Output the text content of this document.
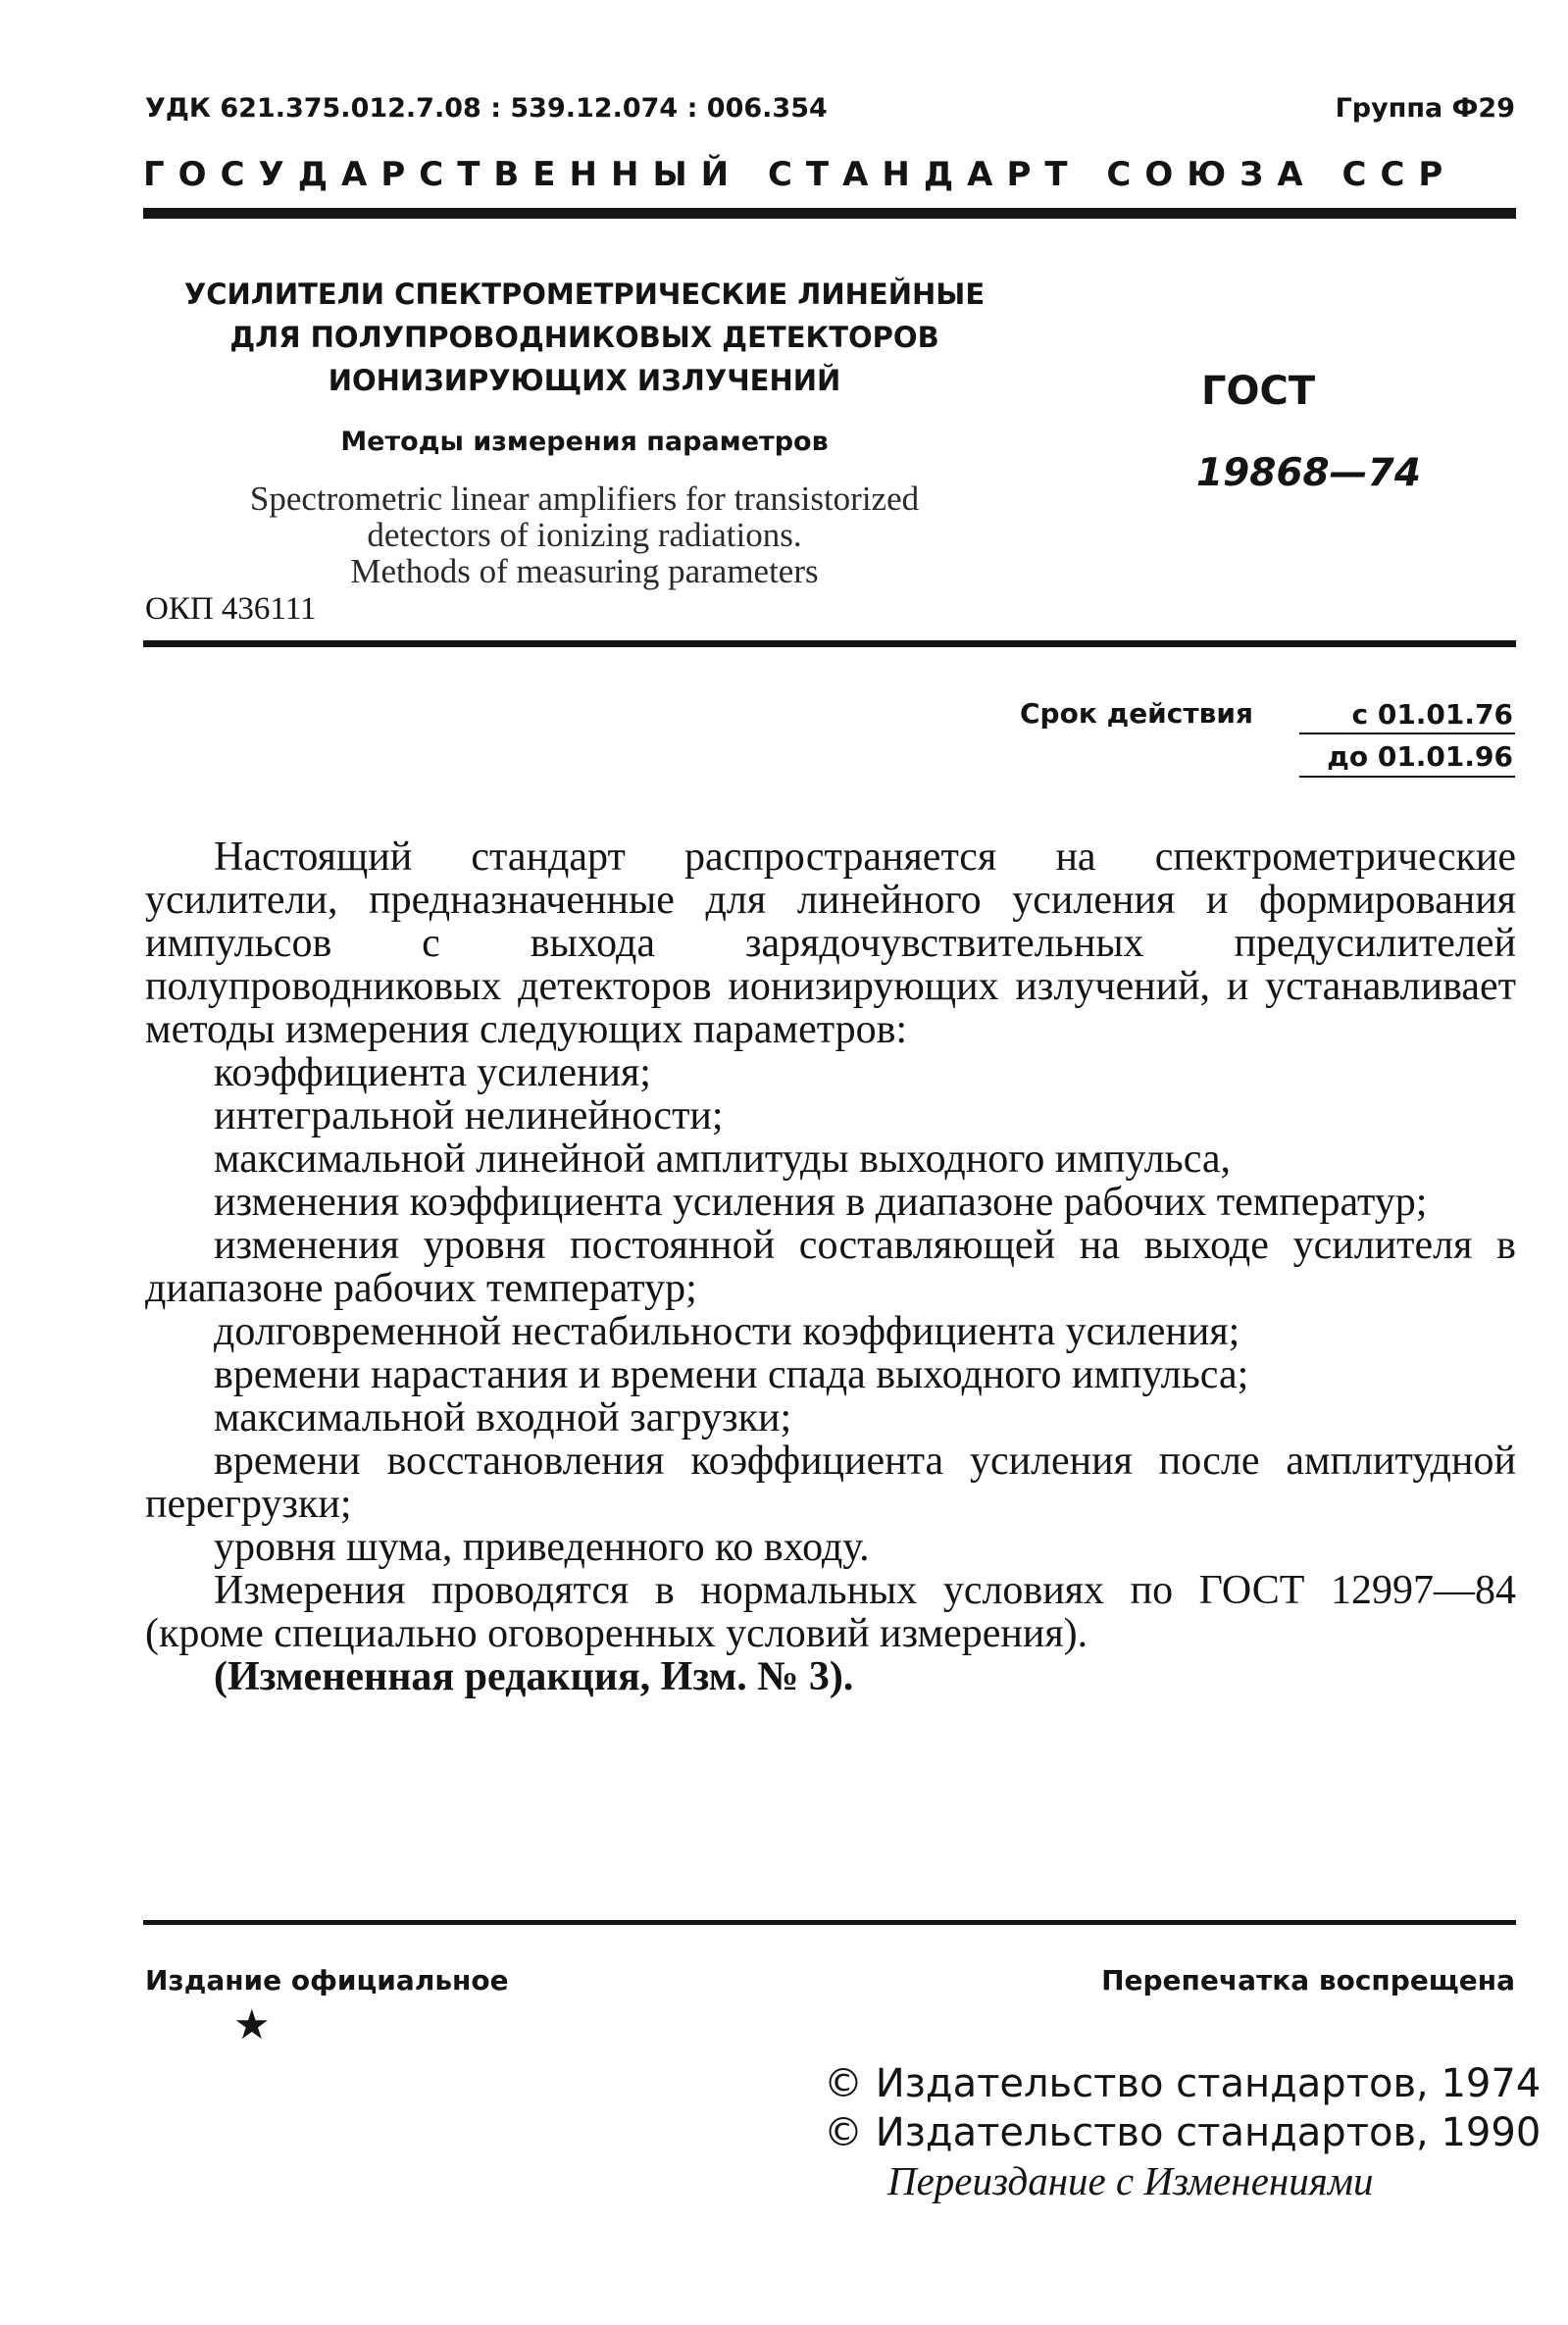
УДК 621.375.012.7.08 : 539.12.074 : 006.354	Группа Ф29
ГОСУДАРСТВЕННЫЙ СТАНДАРТ СОЮЗА ССР
УСИЛИТЕЛИ СПЕКТРОМЕТРИЧЕСКИЕ ЛИНЕЙНЫЕ
ДЛЯ ПОЛУПРОВОДНИКОВЫХ ДЕТЕКТОРОВ
ИОНИЗИРУЮЩИХ ИЗЛУЧЕНИЙ
Методы измерения параметров
Spectrometric linear amplifiers for transistorized
detectors of ionizing radiations.
Methods of measuring parameters
ОКП 436111
ГОСТ
19868—74
Срок действия	с 01.01.76
до 01.01.96

Настоящий стандарт распространяется на спектрометрические усилители, предназначенные для линейного усиления и формирования импульсов с выхода зарядочувствительных предусилителей полупроводниковых детекторов ионизирующих излучений, и устанавливает методы измерения следующих параметров:

коэффициента усиления;

интегральной нелинейности;

максимальной линейной амплитуды выходного импульса,

изменения коэффициента усиления в диапазоне рабочих температур;

изменения уровня постоянной составляющей на выходе усилителя в диапазоне рабочих температур;

долговременной нестабильности коэффициента усиления;

времени нарастания и времени спада выходного импульса;

максимальной входной загрузки;

времени восстановления коэффициента усиления после амплитудной перегрузки;

уровня шума, приведенного ко входу.

Измерения проводятся в нормальных условиях по ГОСТ 12997—84 (кроме специально оговоренных условий измерения).

(Измененная редакция, Изм. № 3).

Издание официальное
★
Перепечатка воспрещена
© Издательство стандартов, 1974
© Издательство стандартов, 1990
Переиздание с Изменениями
